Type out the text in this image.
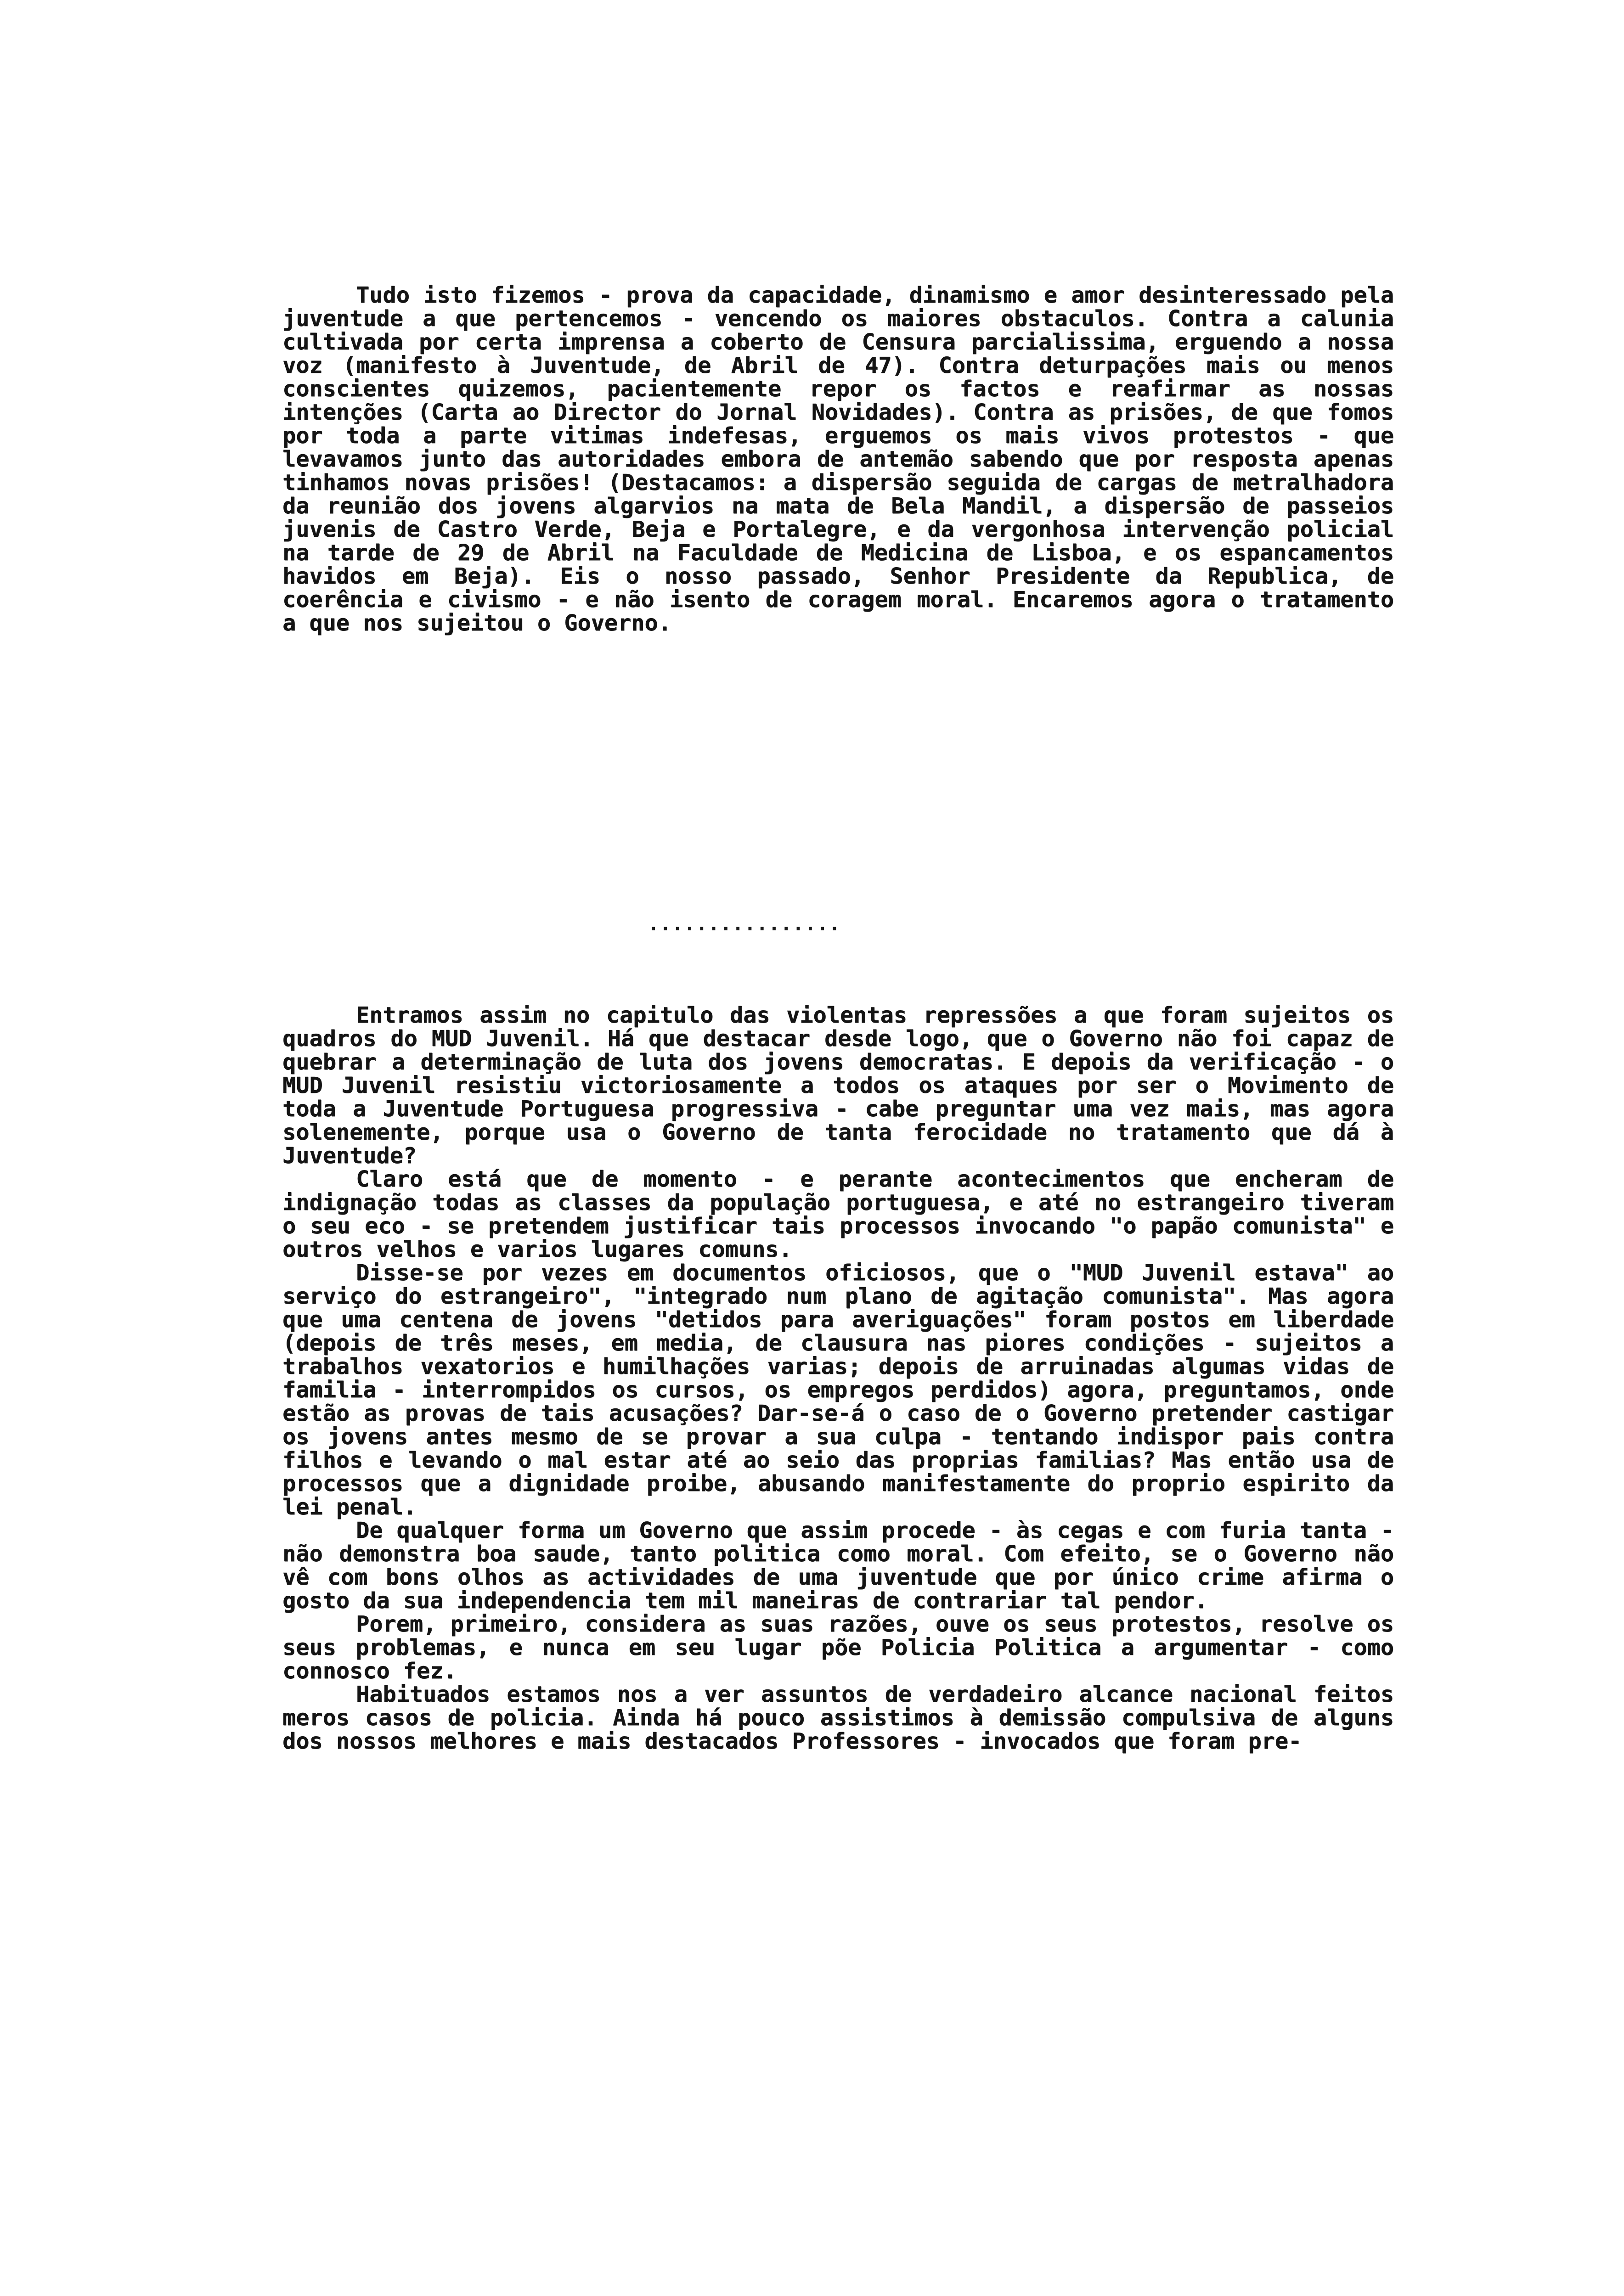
Tudo isto fizemos - prova da capacidade, dinamismo e amor desinteressado pela juventude a que pertencemos - vencendo os maiores obstaculos. Contra a calunia cultivada por certa imprensa a coberto de Censura parcialissima, erguendo a nossa voz (manifesto à Juventude, de Abril de 47). Contra deturpações mais ou menos conscientes quizemos, pacientemente repor os factos e reafirmar as nossas intenções (Carta ao Director do Jornal Novidades). Contra as prisões, de que fomos por toda a parte vitimas indefesas, erguemos os mais vivos protestos - que levavamos junto das autoridades embora de antemão sabendo que por resposta apenas tinhamos novas prisões! (Destacamos: a dispersão seguida de cargas de metralhadora da reunião dos jovens algarvios na mata de Bela Mandil, a dispersão de passeios juvenis de Castro Verde, Beja e Portalegre, e da vergonhosa intervenção policial na tarde de 29 de Abril na Faculdade de Medicina de Lisboa, e os espancamentos havidos em Beja). Eis o nosso passado, Senhor Presidente da Republica, de coerência e civismo - e não isento de coragem moral. Encaremos agora o tratamento a que nos sujeitou o Governo.

................

Entramos assim no capitulo das violentas repressões a que foram sujeitos os quadros do MUD Juvenil. Há que destacar desde logo, que o Governo não foi capaz de quebrar a determinação de luta dos jovens democratas. E depois da verificação - o MUD Juvenil resistiu victoriosamente a todos os ataques por ser o Movimento de toda a Juventude Portuguesa progressiva - cabe preguntar uma vez mais, mas agora solenemente, porque usa o Governo de tanta ferocidade no tratamento que dá à Juventude?

Claro está que de momento - e perante acontecimentos que encheram de indignação todas as classes da população portuguesa, e até no estrangeiro tiveram o seu eco - se pretendem justificar tais processos invocando "o papão comunista" e outros velhos e varios lugares comuns.

Disse-se por vezes em documentos oficiosos, que o "MUD Juvenil estava" ao serviço do estrangeiro", "integrado num plano de agitação comunista". Mas agora que uma centena de jovens "detidos para averiguações" foram postos em liberdade (depois de três meses, em media, de clausura nas piores condições - sujeitos a trabalhos vexatorios e humilhações varias; depois de arruinadas algumas vidas de familia - interrompidos os cursos, os empregos perdidos) agora, preguntamos, onde estão as provas de tais acusações? Dar-se-á o caso de o Governo pretender castigar os jovens antes mesmo de se provar a sua culpa - tentando indispor pais contra filhos e levando o mal estar até ao seio das proprias familias? Mas então usa de processos que a dignidade proibe, abusando manifestamente do proprio espirito da lei penal.

De qualquer forma um Governo que assim procede - às cegas e com furia tanta - não demonstra boa saude, tanto politica como moral. Com efeito, se o Governo não vê com bons olhos as actividades de uma juventude que por único crime afirma o gosto da sua independencia tem mil maneiras de contrariar tal pendor.

Porem, primeiro, considera as suas razões, ouve os seus protestos, resolve os seus problemas, e nunca em seu lugar põe Policia Politica a argumentar - como connosco fez.

Habituados estamos nos a ver assuntos de verdadeiro alcance nacional feitos meros casos de policia. Ainda há pouco assistimos à demissão compulsiva de alguns dos nossos melhores e mais destacados Professores - invocados que foram pre-
